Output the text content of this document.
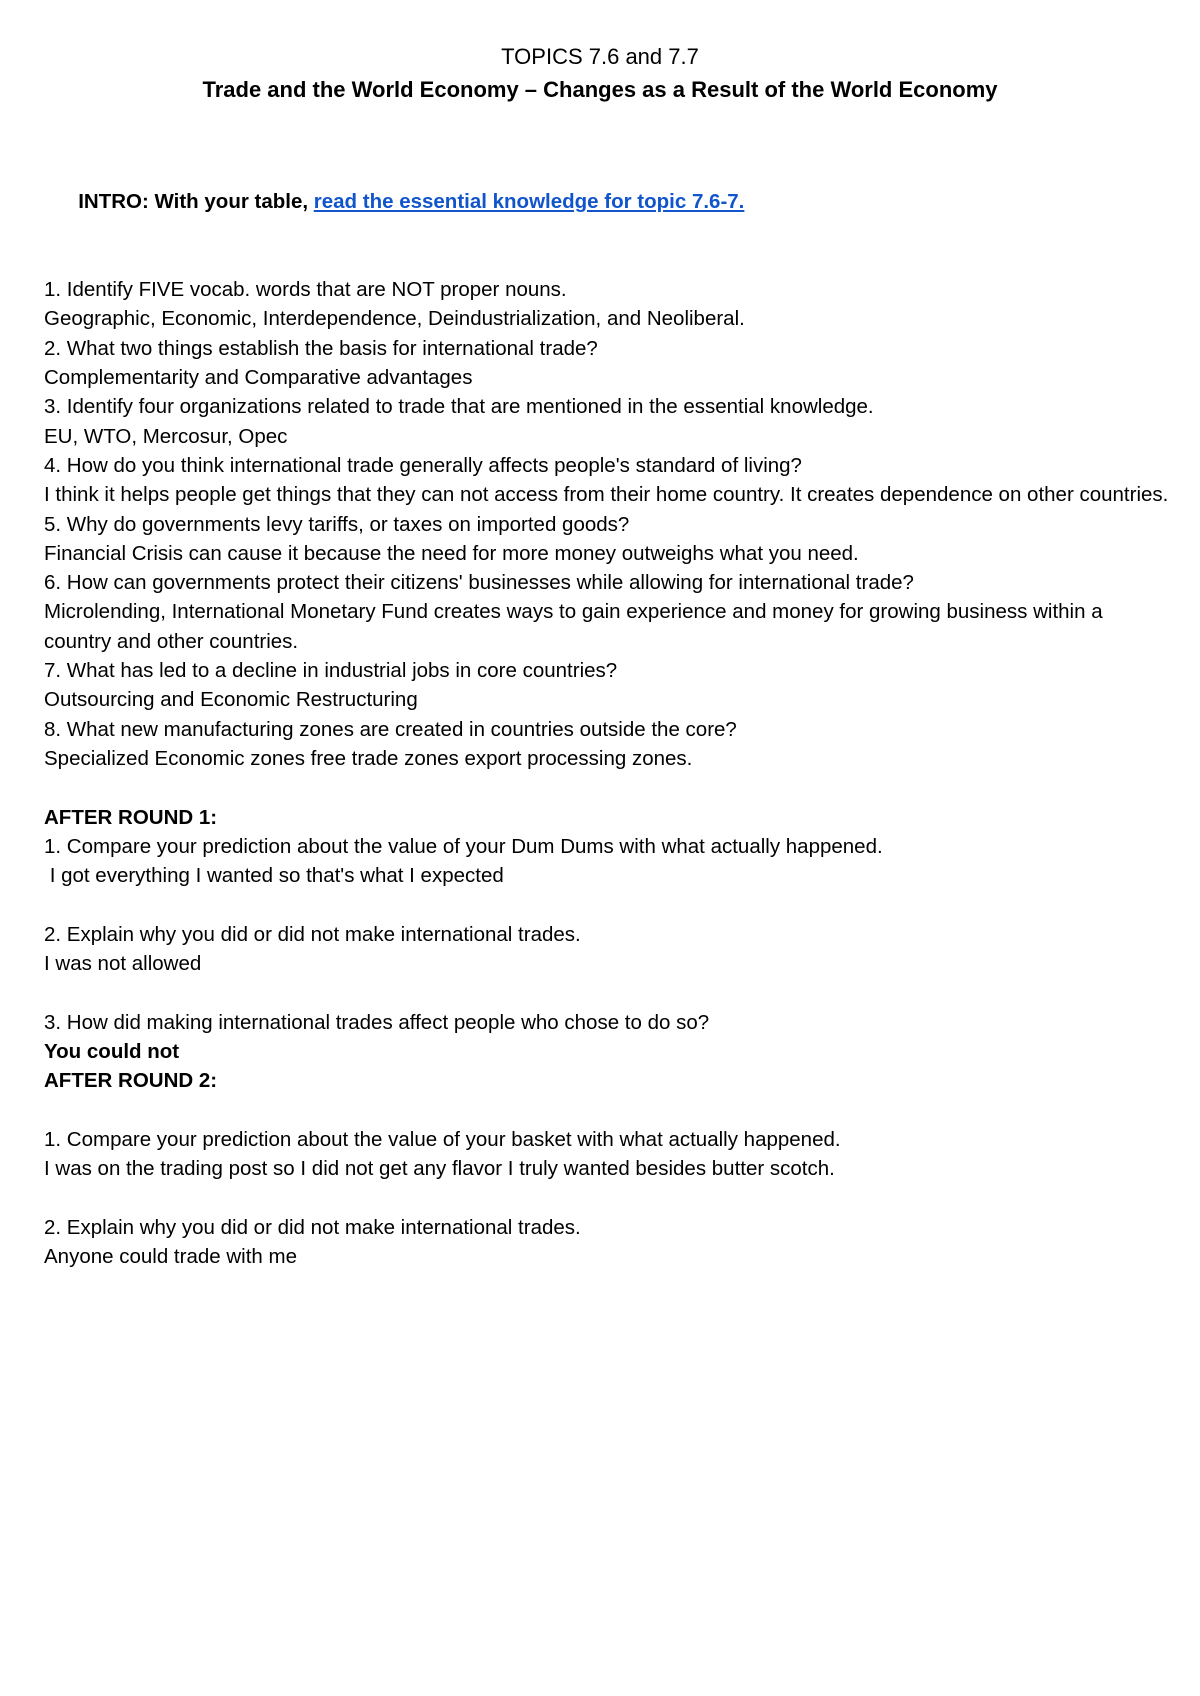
TOPICS 7.6 and 7.7
Trade and the World Economy – Changes as a Result of the World Economy

INTRO: With your table, read the essential knowledge for topic 7.6-7.

1. Identify FIVE vocab. words that are NOT proper nouns.
Geographic, Economic, Interdependence, Deindustrialization, and Neoliberal.
2. What two things establish the basis for international trade?
Complementarity and Comparative advantages
3. Identify four organizations related to trade that are mentioned in the essential knowledge.
EU, WTO, Mercosur, Opec
4. How do you think international trade generally affects people's standard of living?
I think it helps people get things that they can not access from their home country. It creates dependence on other countries.
5. Why do governments levy tariffs, or taxes on imported goods?
Financial Crisis can cause it because the need for more money outweighs what you need.
6. How can governments protect their citizens' businesses while allowing for international trade?
Microlending, International Monetary Fund creates ways to gain experience and money for growing business within a country and other countries.
7. What has led to a decline in industrial jobs in core countries?
Outsourcing and Economic Restructuring
8. What new manufacturing zones are created in countries outside the core?
Specialized Economic zones free trade zones export processing zones.
AFTER ROUND 1:
1. Compare your prediction about the value of your Dum Dums with what actually happened.
I got everything I wanted so that's what I expected
2. Explain why you did or did not make international trades.
I was not allowed
3. How did making international trades affect people who chose to do so?
You could not
AFTER ROUND 2:
1. Compare your prediction about the value of your basket with what actually happened.
I was on the trading post so I did not get any flavor I truly wanted besides butter scotch.
2. Explain why you did or did not make international trades.
Anyone could trade with me
